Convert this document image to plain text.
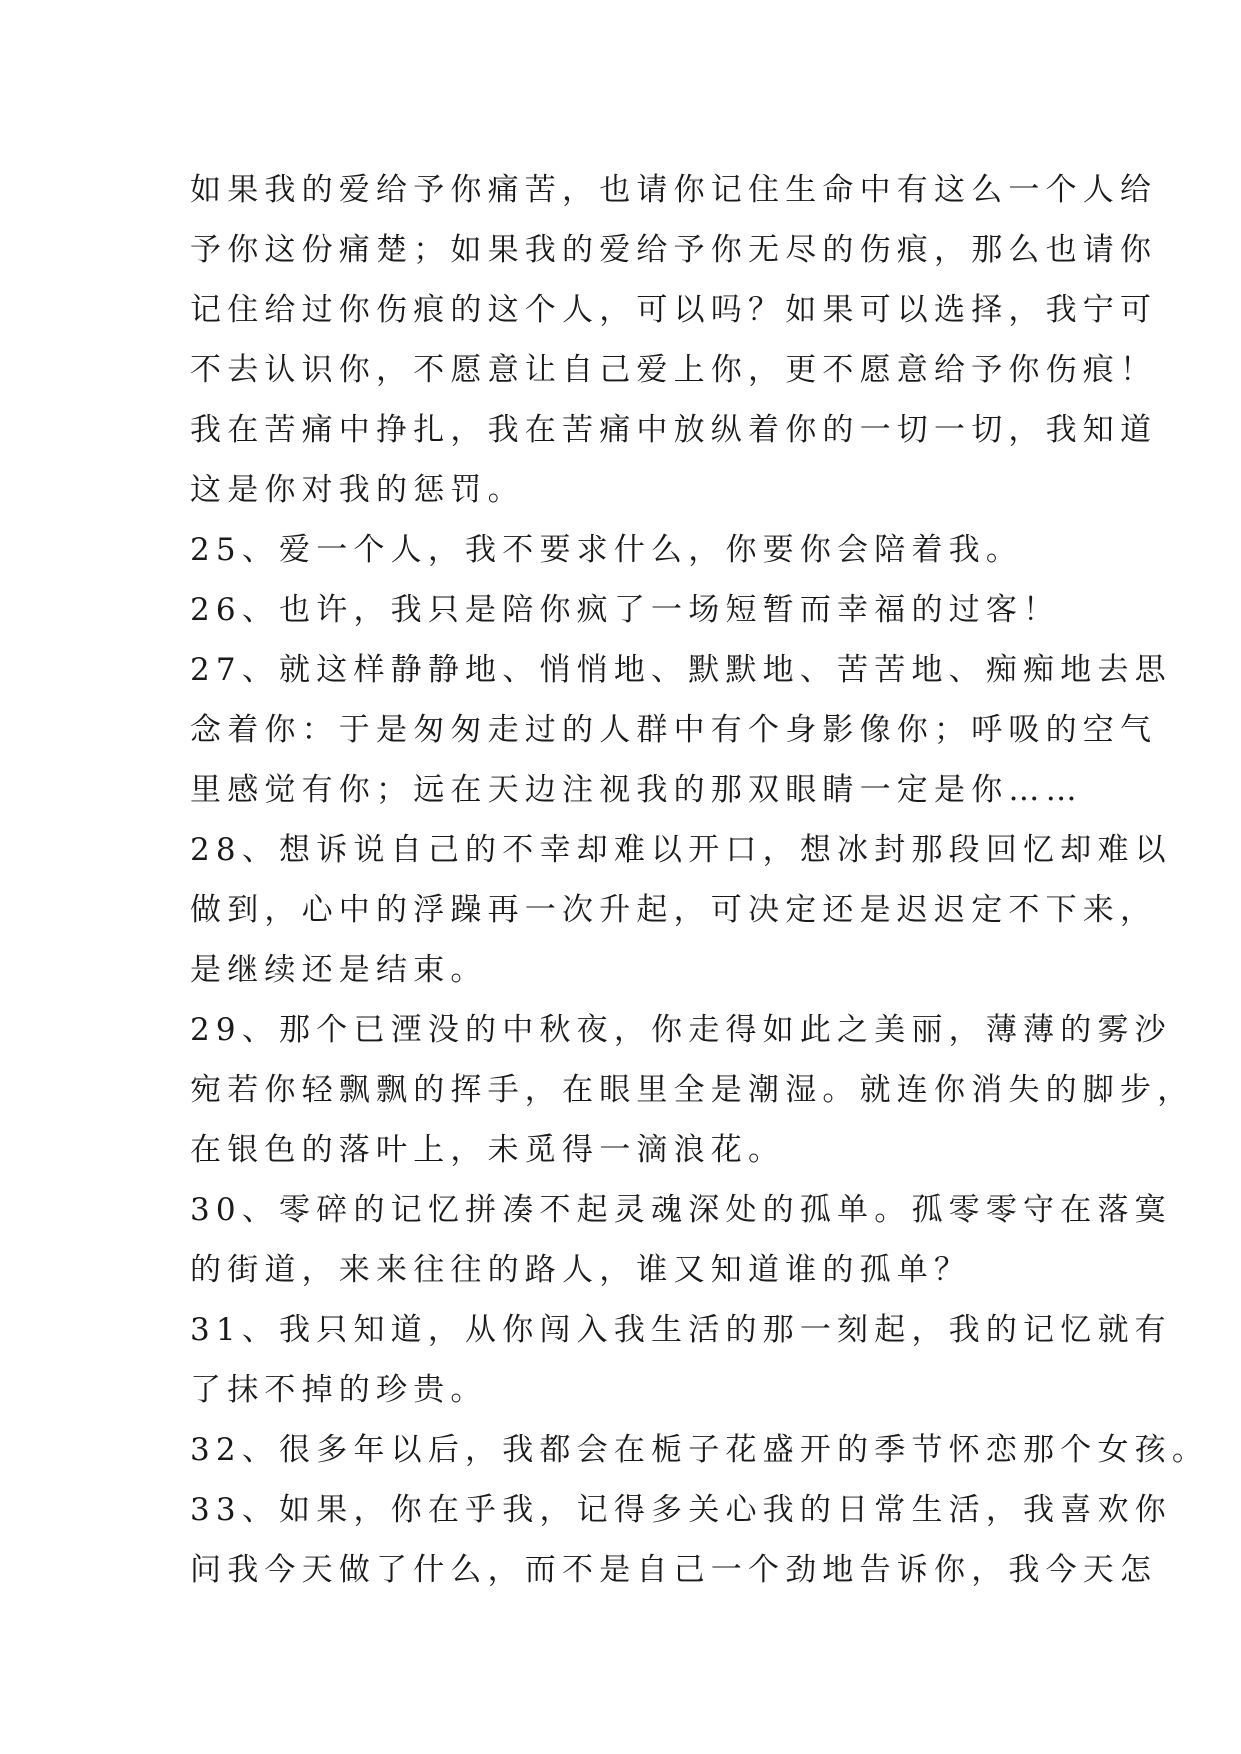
如果我的爱给予你痛苦，也请你记住生命中有这么一个人给
予你这份痛楚；如果我的爱给予你无尽的伤痕，那么也请你
记住给过你伤痕的这个人，可以吗？如果可以选择，我宁可
不去认识你，不愿意让自己爱上你，更不愿意给予你伤痕！
我在苦痛中挣扎，我在苦痛中放纵着你的一切一切，我知道
这是你对我的惩罚。
25、爱一个人，我不要求什么，你要你会陪着我。
26、也许，我只是陪你疯了一场短暂而幸福的过客！
27、就这样静静地、悄悄地、默默地、苦苦地、痴痴地去思
念着你：于是匆匆走过的人群中有个身影像你；呼吸的空气
里感觉有你；远在天边注视我的那双眼睛一定是你……
28、想诉说自己的不幸却难以开口，想冰封那段回忆却难以
做到，心中的浮躁再一次升起，可决定还是迟迟定不下来，
是继续还是结束。
29、那个已湮没的中秋夜，你走得如此之美丽，薄薄的雾沙
宛若你轻飘飘的挥手，在眼里全是潮湿。就连你消失的脚步，
在银色的落叶上，未觅得一滴浪花。
30、零碎的记忆拼凑不起灵魂深处的孤单。孤零零守在落寞
的街道，来来往往的路人，谁又知道谁的孤单？
31、我只知道，从你闯入我生活的那一刻起，我的记忆就有
了抹不掉的珍贵。
32、很多年以后，我都会在栀子花盛开的季节怀恋那个女孩。
33、如果，你在乎我，记得多关心我的日常生活，我喜欢你
问我今天做了什么，而不是自己一个劲地告诉你，我今天怎
